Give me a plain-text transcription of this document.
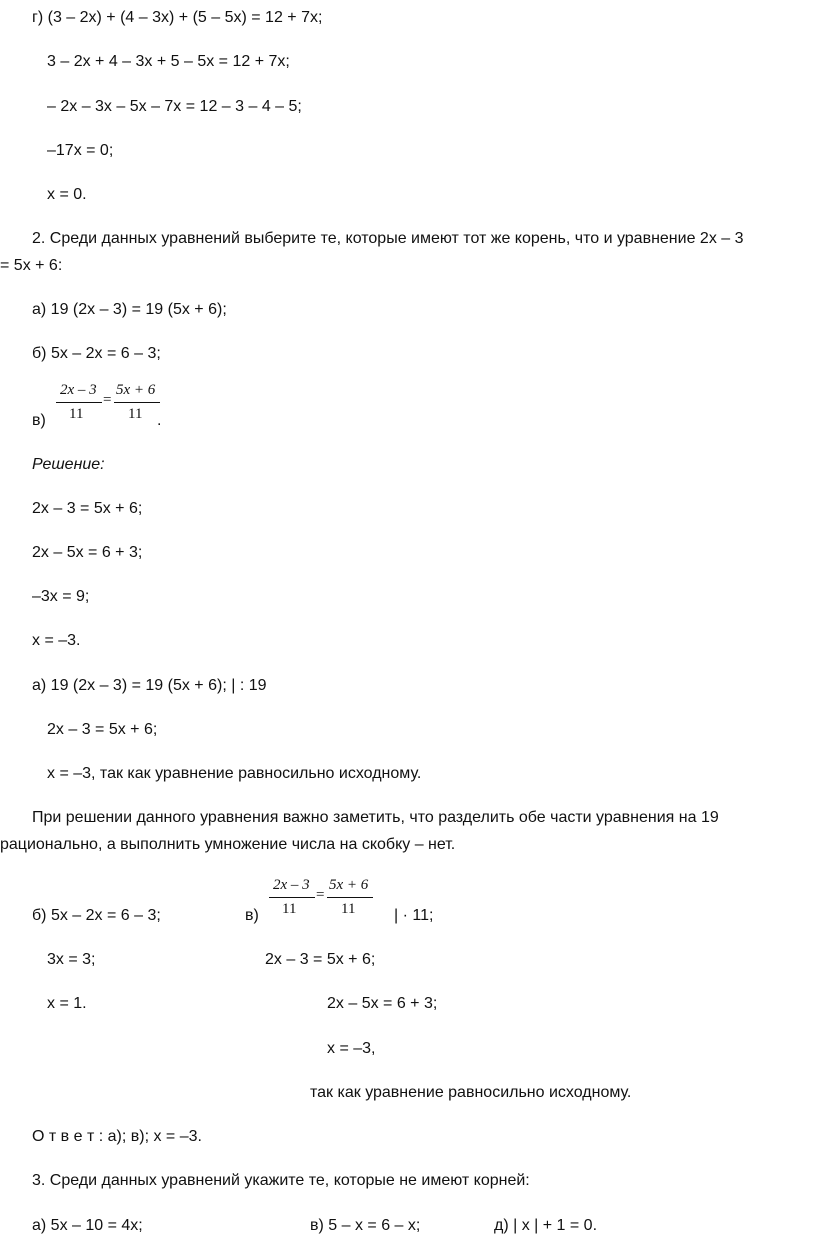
г) (3 – 2x) + (4 – 3x) + (5 – 5x) = 12 + 7x;
3 – 2x + 4 – 3x + 5 – 5x = 12 + 7x;
– 2x – 3x – 5x – 7x = 12 – 3 – 4 – 5;
–17x = 0;
x = 0.
2. Среди данных уравнений выберите те, которые имеют тот же корень, что и уравнение 2x – 3
= 5x + 6:
а) 19 (2x – 3) = 19 (5x + 6);
б) 5x – 2x = 6 – 3;
в)
2x – 3
11
=
5x + 6
11 .
Решение:
2x – 3 = 5x + 6;
2x – 5x = 6 + 3;
–3x = 9;
x = –3.
а) 19 (2x – 3) = 19 (5x + 6); | : 19
2x – 3 = 5x + 6;
x = –3, так как уравнение равносильно исходному.
При решении данного уравнения важно заметить, что разделить обе части уравнения на 19
рационально, а выполнить умножение числа на скобку – нет.
б) 5x – 2x = 6 – 3;
3x = 3;
x = 1.
в)
2x – 3
11
=
5x + 6
11 | · 11;
2x – 3 = 5x + 6;
2x – 5x = 6 + 3;
x = –3,
так как уравнение равносильно исходному.
О т в е т : а); в); x = –3.
3. Среди данных уравнений укажите те, которые не имеют корней:
а) 5x – 10 = 4x;	в) 5 – x = 6 – x;	д) | x | + 1 = 0.
